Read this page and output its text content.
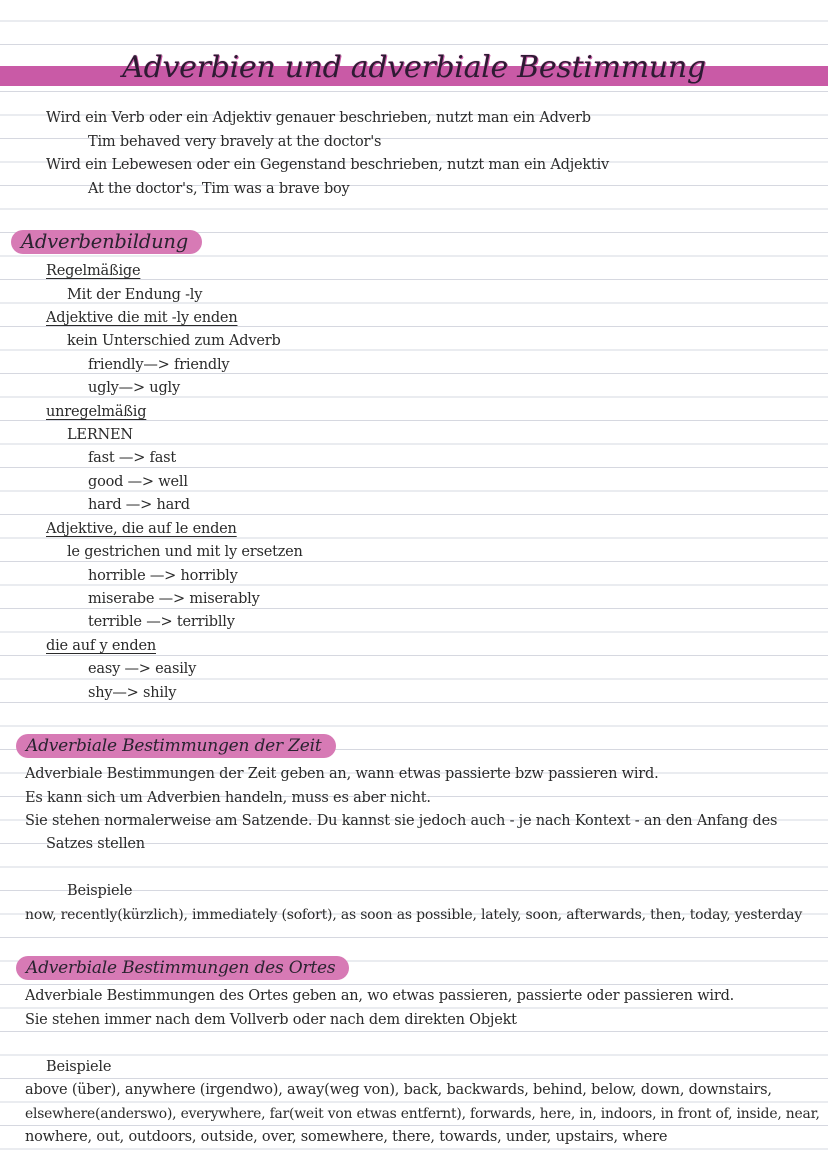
Adverbien und adverbiale Bestimmung
Wird ein Verb oder ein Adjektiv genauer beschrieben, nutzt man ein Adverb
Tim behaved very bravely at the doctor's
Wird ein Lebewesen oder ein Gegenstand beschrieben, nutzt man ein Adjektiv
At the doctor's, Tim was a brave boy
Adverbenbildung
Regelmäßige
Mit der Endung -ly
Adjektive die mit -ly enden
kein Unterschied zum Adverb
friendly—> friendly
ugly—> ugly
unregelmäßig
LERNEN
fast —> fast
good —> well
hard —> hard
Adjektive, die auf le enden
le gestrichen und mit ly ersetzen
horrible —> horribly
miserabe —> miserably
terrible —> terriblly
die auf y enden
easy —> easily
shy—> shily
Adverbiale Bestimmungen der Zeit
Adverbiale Bestimmungen der Zeit geben an, wann etwas passierte bzw passieren wird.
Es kann sich um Adverbien handeln, muss es aber nicht.
Sie stehen normalerweise am Satzende. Du kannst sie jedoch auch - je nach Kontext - an den Anfang des
Satzes stellen
Beispiele
now, recently(kürzlich), immediately (sofort), as soon as possible, lately, soon, afterwards, then, today, yesterday
Adverbiale Bestimmungen des Ortes
Adverbiale Bestimmungen des Ortes geben an, wo etwas passieren, passierte oder passieren wird.
Sie stehen immer nach dem Vollverb oder nach dem direkten Objekt
Beispiele
above (über), anywhere (irgendwo), away(weg von), back, backwards, behind, below, down, downstairs,
elsewhere(anderswo), everywhere, far(weit von etwas entfernt), forwards, here, in, indoors, in front of, inside, near,
nowhere, out, outdoors, outside, over, somewhere, there, towards, under, upstairs, where
